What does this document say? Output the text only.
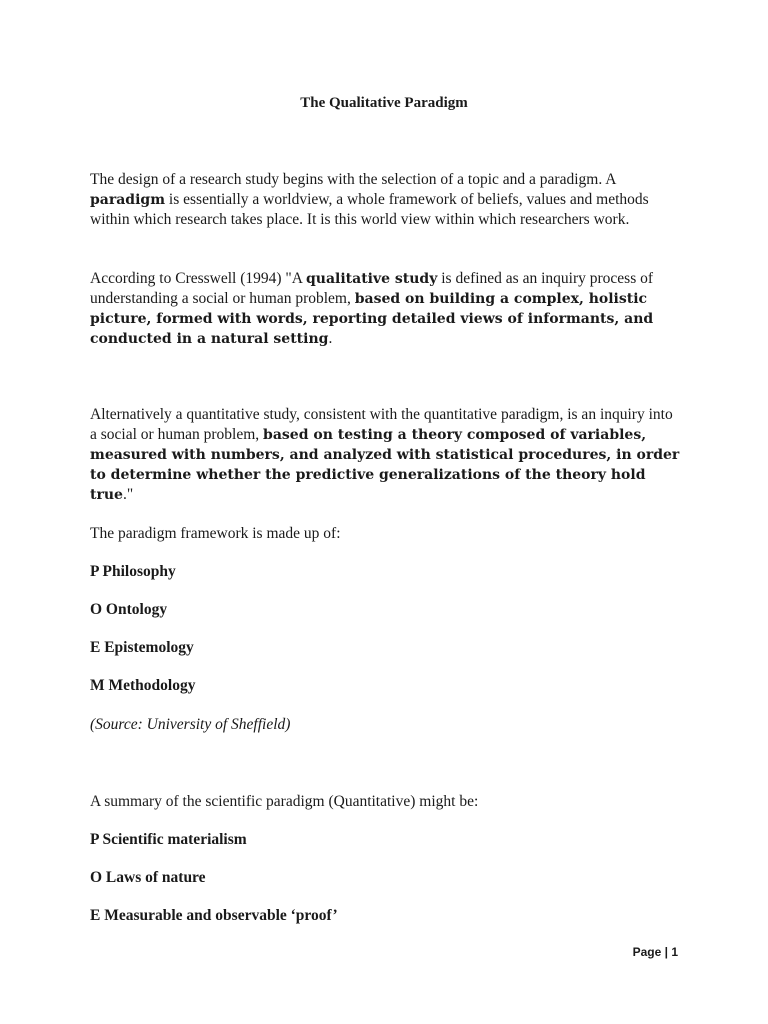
The Qualitative Paradigm

The design of a research study begins with the selection of a topic and a paradigm. A paradigm is essentially a worldview, a whole framework of beliefs, values and methods within which research takes place. It is this world view within which researchers work.

According to Cresswell (1994) "A qualitative study is defined as an inquiry process of understanding a social or human problem, based on building a complex, holistic picture, formed with words, reporting detailed views of informants, and conducted in a natural setting.

Alternatively a quantitative study, consistent with the quantitative paradigm, is an inquiry into a social or human problem, based on testing a theory composed of variables, measured with numbers, and analyzed with statistical procedures, in order to determine whether the predictive generalizations of the theory hold true."

The paradigm framework is made up of:

P Philosophy

O Ontology

E Epistemology

M Methodology

(Source: University of Sheffield)

A summary of the scientific paradigm (Quantitative) might be:

P Scientific materialism

O Laws of nature

E Measurable and observable ‘proof’

Page | 1
